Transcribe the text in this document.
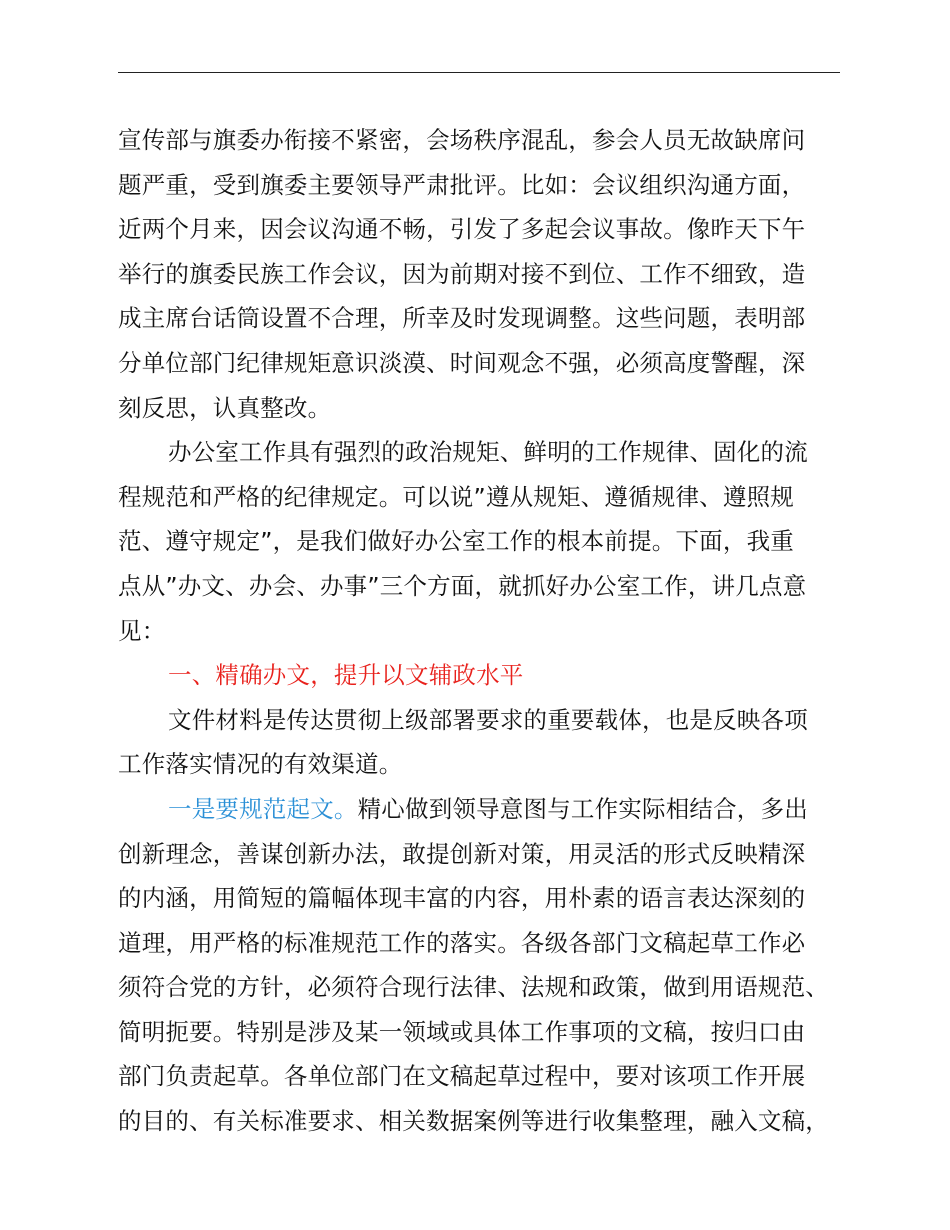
宣传部与旗委办衔接不紧密，会场秩序混乱，参会人员无故缺席问
题严重，受到旗委主要领导严肃批评。比如：会议组织沟通方面，
近两个月来，因会议沟通不畅，引发了多起会议事故。像昨天下午
举行的旗委民族工作会议，因为前期对接不到位、工作不细致，造
成主席台话筒设置不合理，所幸及时发现调整。这些问题，表明部
分单位部门纪律规矩意识淡漠、时间观念不强，必须高度警醒，深
刻反思，认真整改。
办公室工作具有强烈的政治规矩、鲜明的工作规律、固化的流
程规范和严格的纪律规定。可以说”遵从规矩、遵循规律、遵照规
范、遵守规定”，是我们做好办公室工作的根本前提。下面，我重
点从”办文、办会、办事”三个方面，就抓好办公室工作，讲几点意
见：
一、精确办文，提升以文辅政水平
文件材料是传达贯彻上级部署要求的重要载体，也是反映各项
工作落实情况的有效渠道。
一是要规范起文。精心做到领导意图与工作实际相结合，多出
创新理念，善谋创新办法，敢提创新对策，用灵活的形式反映精深
的内涵，用简短的篇幅体现丰富的内容，用朴素的语言表达深刻的
道理，用严格的标准规范工作的落实。各级各部门文稿起草工作必
须符合党的方针，必须符合现行法律、法规和政策，做到用语规范、
简明扼要。特别是涉及某一领域或具体工作事项的文稿，按归口由
部门负责起草。各单位部门在文稿起草过程中，要对该项工作开展
的目的、有关标准要求、相关数据案例等进行收集整理，融入文稿，
